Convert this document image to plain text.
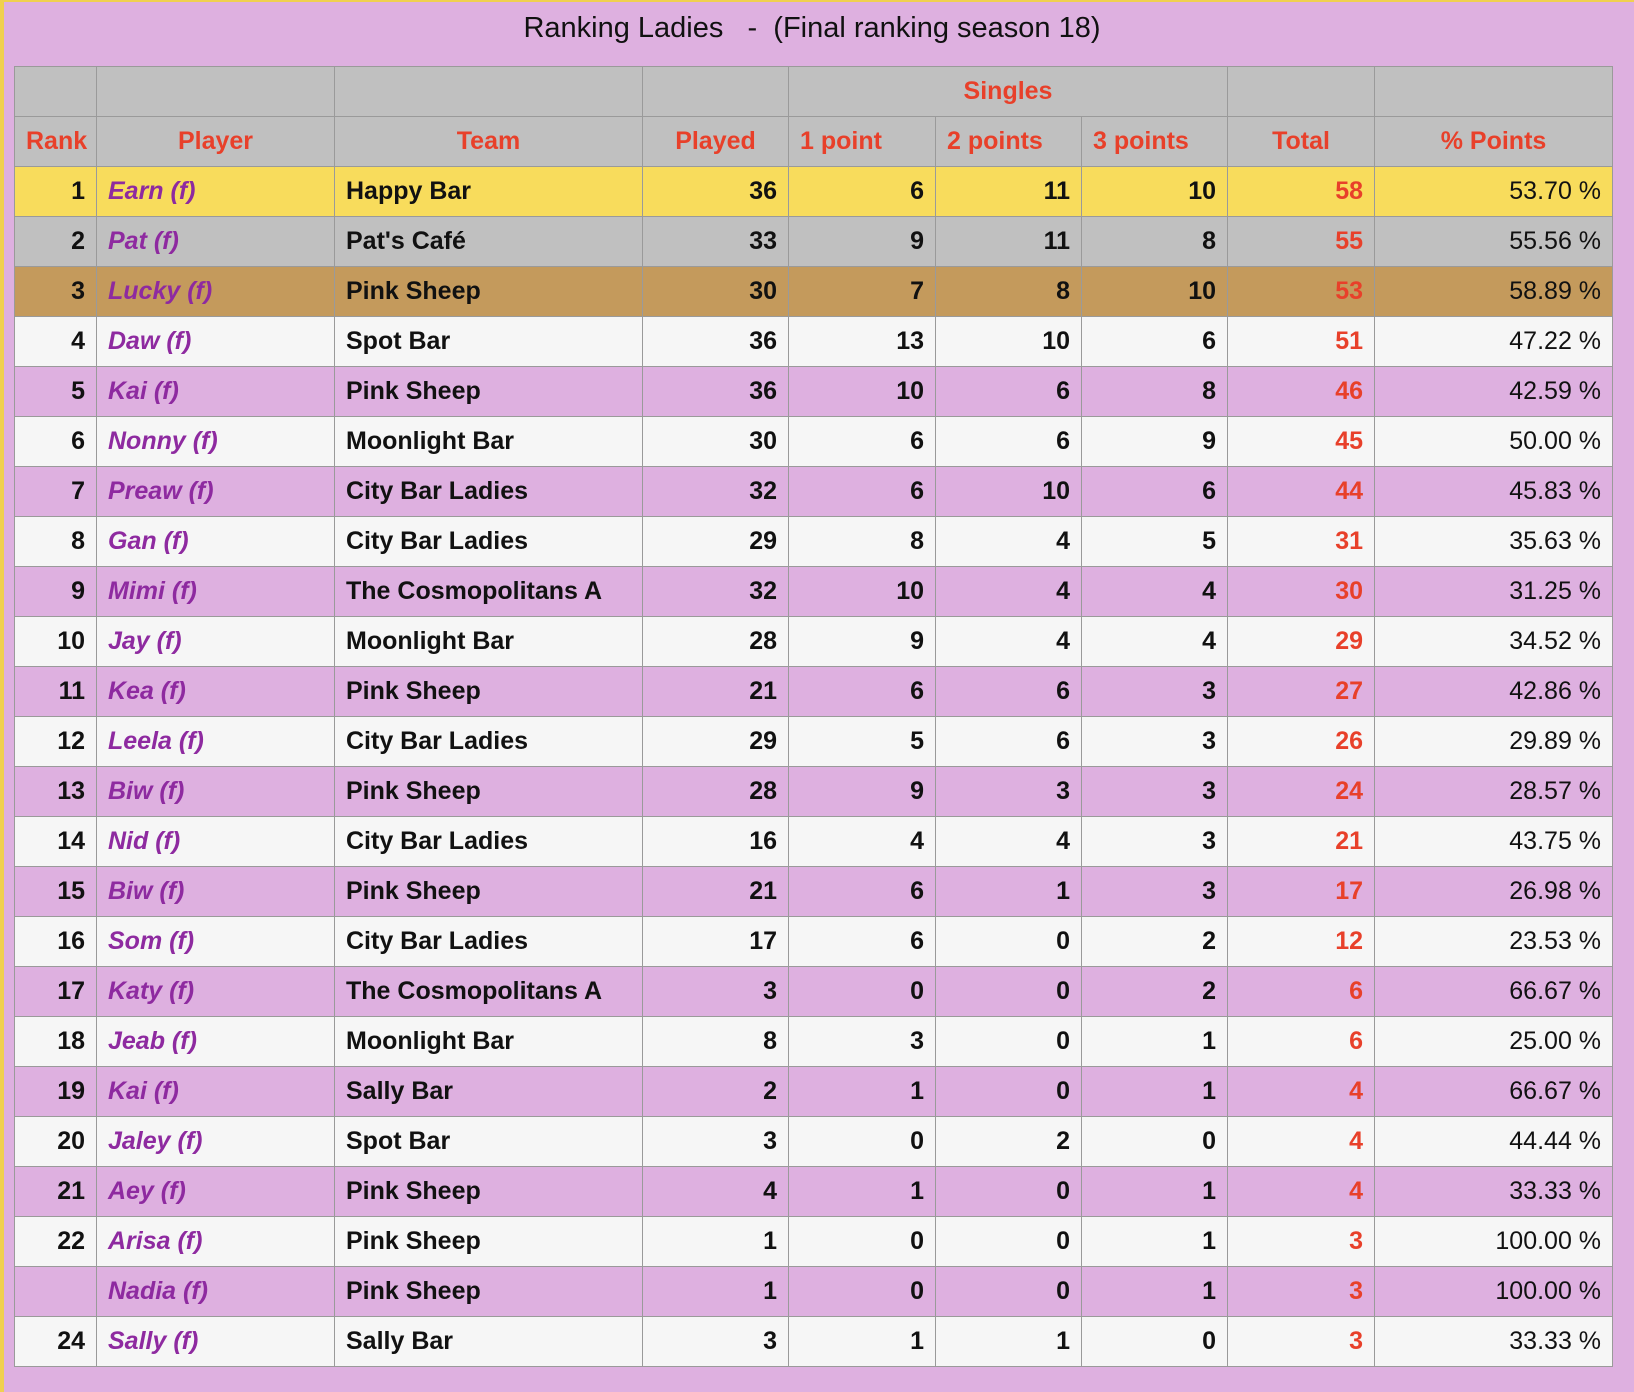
Ranking Ladies   -  (Final ranking season 18)
				Singles				
Rank	Player	Team	Played	1 point	2 points	3 points	Total	% Points
1	Earn (f)	Happy Bar	36	6	11	10	58	53.70 %
2	Pat (f)	Pat's Café	33	9	11	8	55	55.56 %
3	Lucky (f)	Pink Sheep	30	7	8	10	53	58.89 %
4	Daw (f)	Spot Bar	36	13	10	6	51	47.22 %
5	Kai (f)	Pink Sheep	36	10	6	8	46	42.59 %
6	Nonny (f)	Moonlight Bar	30	6	6	9	45	50.00 %
7	Preaw (f)	City Bar Ladies	32	6	10	6	44	45.83 %
8	Gan (f)	City Bar Ladies	29	8	4	5	31	35.63 %
9	Mimi (f)	The Cosmopolitans A	32	10	4	4	30	31.25 %
10	Jay (f)	Moonlight Bar	28	9	4	4	29	34.52 %
11	Kea (f)	Pink Sheep	21	6	6	3	27	42.86 %
12	Leela (f)	City Bar Ladies	29	5	6	3	26	29.89 %
13	Biw (f)	Pink Sheep	28	9	3	3	24	28.57 %
14	Nid (f)	City Bar Ladies	16	4	4	3	21	43.75 %
15	Biw (f)	Pink Sheep	21	6	1	3	17	26.98 %
16	Som (f)	City Bar Ladies	17	6	0	2	12	23.53 %
17	Katy (f)	The Cosmopolitans A	3	0	0	2	6	66.67 %
18	Jeab (f)	Moonlight Bar	8	3	0	1	6	25.00 %
19	Kai (f)	Sally Bar	2	1	0	1	4	66.67 %
20	Jaley (f)	Spot Bar	3	0	2	0	4	44.44 %
21	Aey (f)	Pink Sheep	4	1	0	1	4	33.33 %
22	Arisa (f)	Pink Sheep	1	0	0	1	3	100.00 %
	Nadia (f)	Pink Sheep	1	0	0	1	3	100.00 %
24	Sally (f)	Sally Bar	3	1	1	0	3	33.33 %
